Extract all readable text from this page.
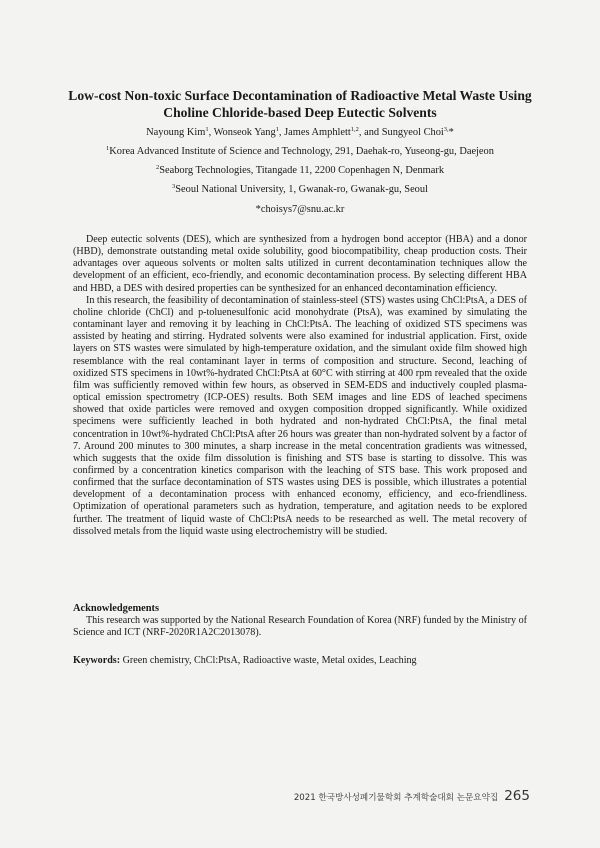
Low-cost Non-toxic Surface Decontamination of Radioactive Metal Waste Using Choline Chloride-based Deep Eutectic Solvents
Nayoung Kim$^1$, Wonseok Yang$^1$, James Amphlett$^{1,2}$, and Sungyeol Choi$^{3,}$*
$^1$Korea Advanced Institute of Science and Technology, 291, Daehak-ro, Yuseong-gu, Daejeon
$^2$Seaborg Technologies, Titangade 11, 2200 Copenhagen N, Denmark
$^3$Seoul National University, 1, Gwanak-ro, Gwanak-gu, Seoul
*choisys7@snu.ac.kr

Deep eutectic solvents (DES), which are synthesized from a hydrogen bond acceptor (HBA) and a donor (HBD), demonstrate outstanding metal oxide solubility, good biocompatibility, cheap production costs. Their advantages over aqueous solvents or molten salts utilized in current decontamination techniques allow the development of an efficient, eco-friendly, and economic decontamination process. By selecting different HBA and HBD, a DES with desired properties can be synthesized for an enhanced decontamination efficiency.

In this research, the feasibility of decontamination of stainless-steel (STS) wastes using ChCl:PtsA, a DES of choline chloride (ChCl) and p-toluenesulfonic acid monohydrate (PtsA), was examined by simulating the contaminant layer and removing it by leaching in ChCl:PtsA. The leaching of oxidized STS specimens was assisted by heating and stirring. Hydrated solvents were also examined for industrial application. First, oxide layers on STS wastes were simulated by high-temperature oxidation, and the simulant oxide film showed high resemblance with the real contaminant layer in terms of composition and structure. Second, leaching of oxidized STS specimens in 10wt%-hydrated ChCl:PtsA at 60°C with stirring at 400 rpm revealed that the oxide film was sufficiently removed within few hours, as observed in SEM-EDS and inductively coupled plasma-optical emission spectrometry (ICP-OES) results. Both SEM images and line EDS of leached specimens showed that oxide particles were removed and oxygen composition dropped significantly. While oxidized specimens were sufficiently leached in both hydrated and non-hydrated ChCl:PtsA, the final metal concentration in 10wt%-hydrated ChCl:PtsA after 26 hours was greater than non-hydrated solvent by a factor of 7. Around 200 minutes to 300 minutes, a sharp increase in the metal concentration gradients was witnessed, which suggests that the oxide film dissolution is finishing and STS base is starting to dissolve. This was confirmed by a concentration kinetics comparison with the leaching of STS base. This work proposed and confirmed that the surface decontamination of STS wastes using DES is possible, which illustrates a potential development of a decontamination process with enhanced economy, efficiency, and eco-friendliness. Optimization of operational parameters such as hydration, temperature, and agitation needs to be explored further. The treatment of liquid waste of ChCl:PtsA needs to be researched as well. The metal recovery of dissolved metals from the liquid waste using electrochemistry will be studied.

Acknowledgements
This research was supported by the National Research Foundation of Korea (NRF) funded by the Ministry of Science and ICT (NRF-2020R1A2C2013078).
Keywords: Green chemistry, ChCl:PtsA, Radioactive waste, Metal oxides, Leaching
2021 한국방사성폐기물학회 추계학술대회 논문요약집 265
